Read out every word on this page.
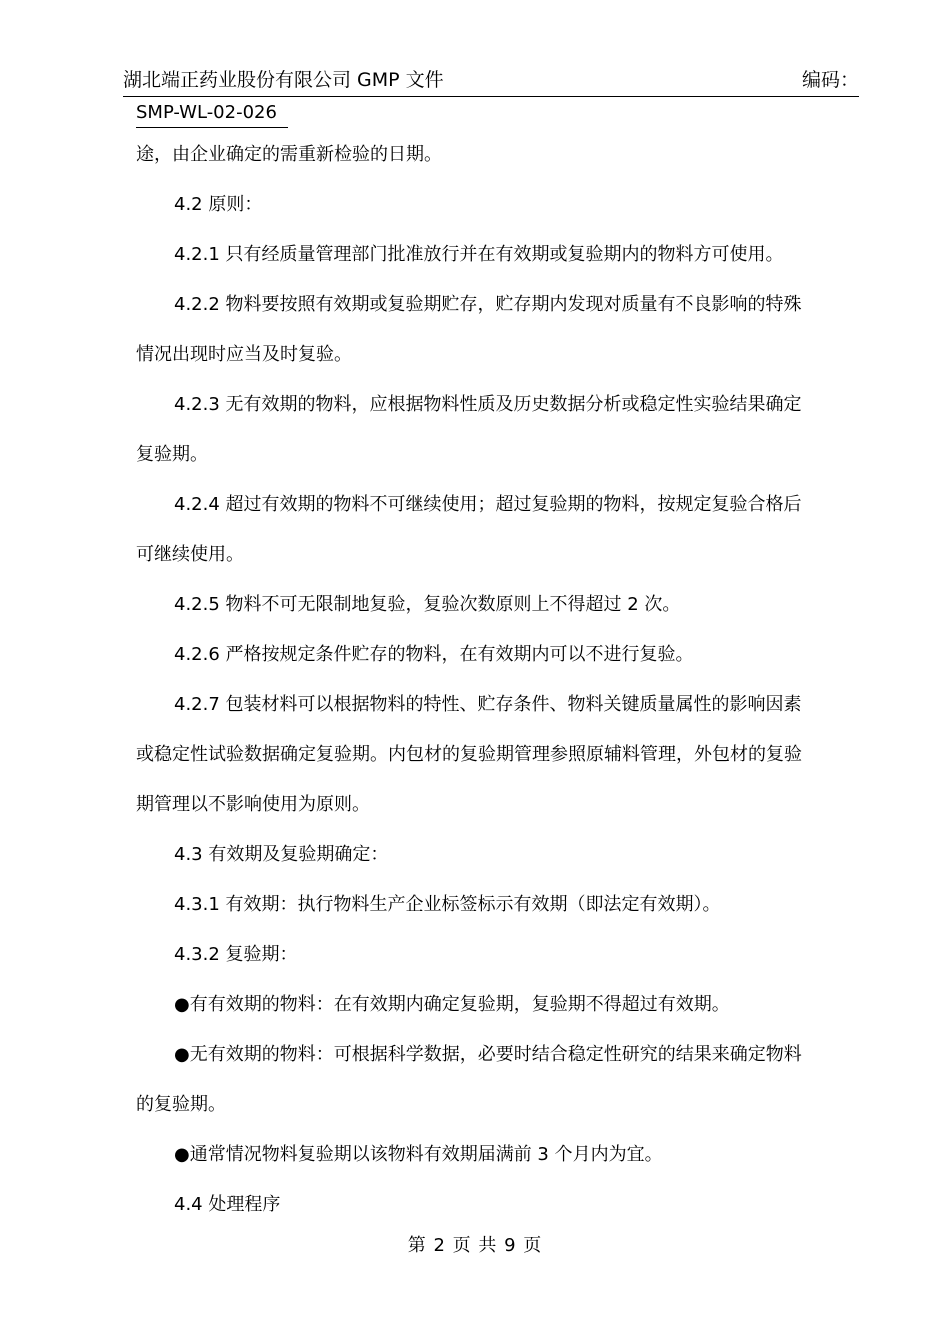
湖北端正药业股份有限公司 GMP 文件	编码：
SMP-WL-02-026
途，由企业确定的需重新检验的日期。
4.2 原则：
4.2.1 只有经质量管理部门批准放行并在有效期或复验期内的物料方可使用。
4.2.2 物料要按照有效期或复验期贮存，贮存期内发现对质量有不良影响的特殊
情况出现时应当及时复验。
4.2.3 无有效期的物料，应根据物料性质及历史数据分析或稳定性实验结果确定
复验期。
4.2.4 超过有效期的物料不可继续使用；超过复验期的物料，按规定复验合格后
可继续使用。
4.2.5 物料不可无限制地复验，复验次数原则上不得超过 2 次。
4.2.6 严格按规定条件贮存的物料，在有效期内可以不进行复验。
4.2.7 包装材料可以根据物料的特性、贮存条件、物料关键质量属性的影响因素
或稳定性试验数据确定复验期。内包材的复验期管理参照原辅料管理，外包材的复验
期管理以不影响使用为原则。
4.3 有效期及复验期确定：
4.3.1 有效期：执行物料生产企业标签标示有效期（即法定有效期）。
4.3.2 复验期：
●有有效期的物料：在有效期内确定复验期，复验期不得超过有效期。
●无有效期的物料：可根据科学数据，必要时结合稳定性研究的结果来确定物料
的复验期。
●通常情况物料复验期以该物料有效期届满前 3 个月内为宜。
4.4 处理程序
第 2 页 共 9 页
